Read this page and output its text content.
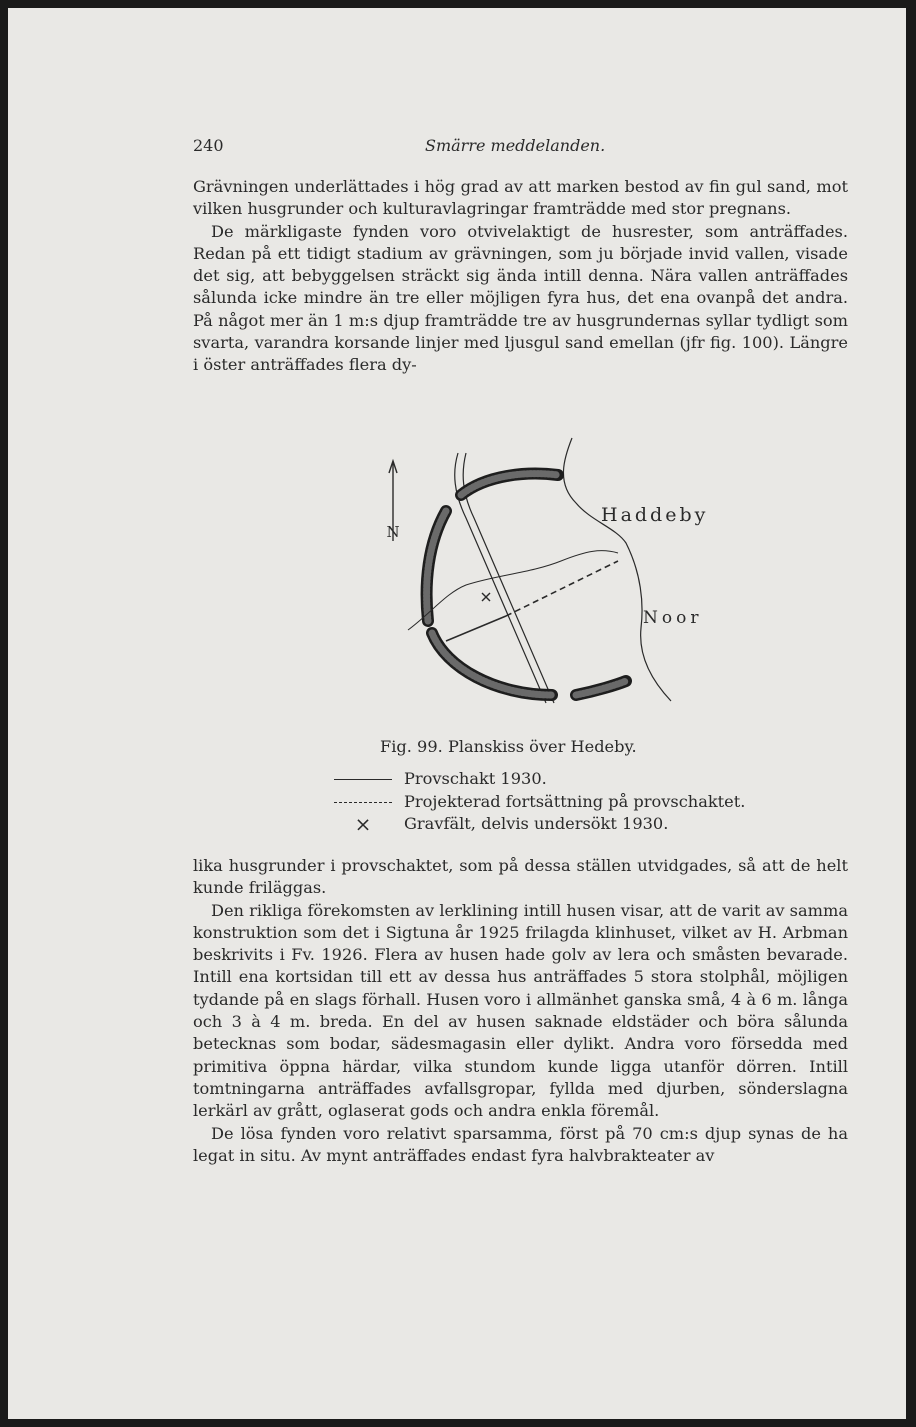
240	Smärre meddelanden.

Grävningen underlättades i hög grad av att marken bestod av fin gul sand, mot vilken husgrunder och kulturavlagringar framträdde med stor pregnans.

De märkligaste fynden voro otvivelaktigt de husrester, som anträffades. Redan på ett tidigt stadium av grävningen, som ju började invid vallen, visade det sig, att bebyggelsen sträckt sig ända intill denna. Nära vallen anträffades sålunda icke mindre än tre eller möjligen fyra hus, det ena ovanpå det andra. På något mer än 1 m:s djup framträdde tre av husgrundernas syllar tydligt som svarta, varandra korsande linjer med ljusgul sand emellan (jfr fig. 100). Längre i öster anträffades flera dy-

N
Haddeby
Noor
Fig. 99. Planskiss över Hedeby.
Provschakt 1930.
Projekterad fortsättning på provschaktet.
×	Gravfält, delvis undersökt 1930.

lika husgrunder i provschaktet, som på dessa ställen utvidgades, så att de helt kunde friläggas.

Den rikliga förekomsten av lerklining intill husen visar, att de varit av samma konstruktion som det i Sigtuna år 1925 frilagda klinhuset, vilket av H. Arbman beskrivits i Fv. 1926. Flera av husen hade golv av lera och småsten bevarade. Intill ena kortsidan till ett av dessa hus anträffades 5 stora stolphål, möjligen tydande på en slags förhall. Husen voro i allmänhet ganska små, 4 à 6 m. långa och 3 à 4 m. breda. En del av husen saknade eldstäder och böra sålunda betecknas som bodar, sädesmagasin eller dylikt. Andra voro försedda med primitiva öppna härdar, vilka stundom kunde ligga utanför dörren. Intill tomtningarna anträffades avfallsgropar, fyllda med djurben, sönderslagna lerkärl av grått, oglaserat gods och andra enkla föremål.

De lösa fynden voro relativt sparsamma, först på 70 cm:s djup synas de ha legat in situ. Av mynt anträffades endast fyra halvbrakteater av
